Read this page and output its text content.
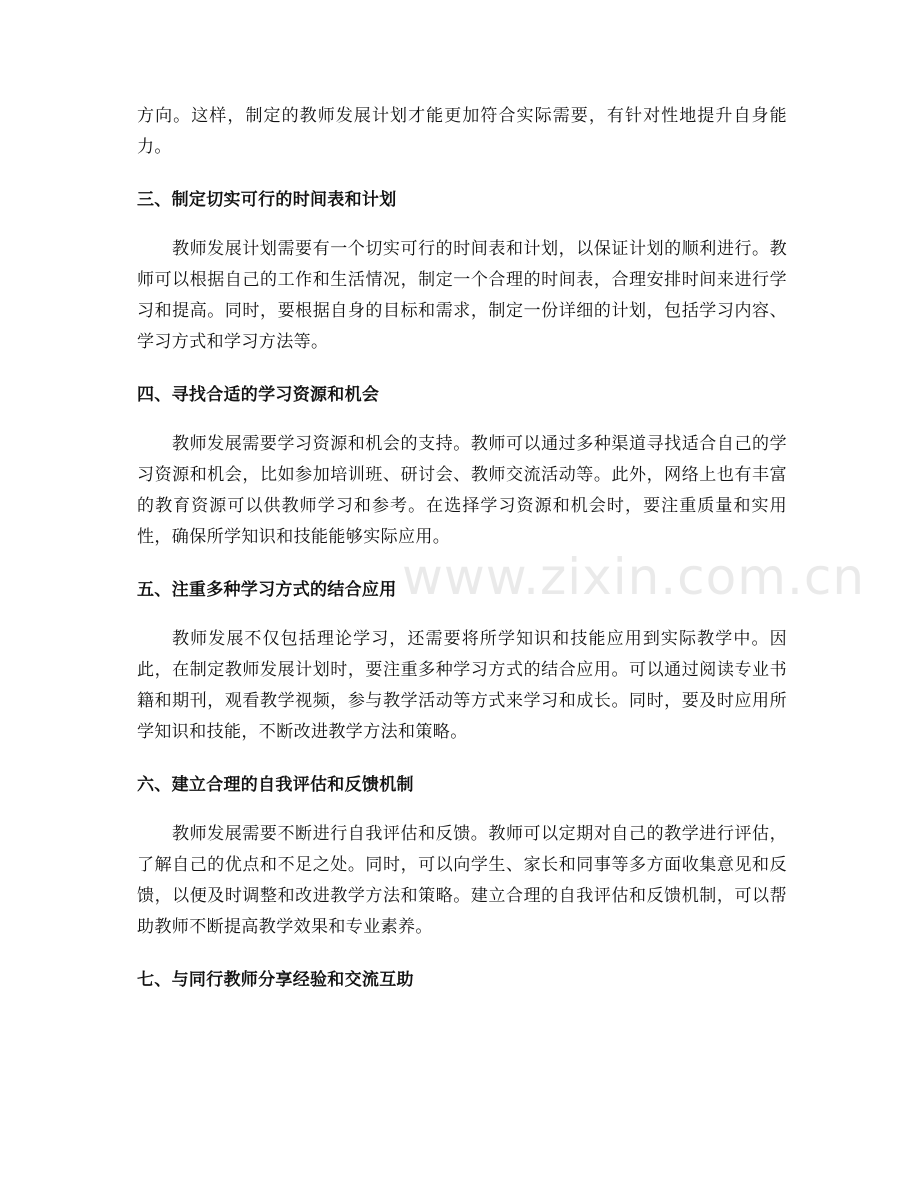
www.zixin.com.cn

方向。这样，制定的教师发展计划才能更加符合实际需要，有针对性地提升自身能力。

三、制定切实可行的时间表和计划

教师发展计划需要有一个切实可行的时间表和计划，以保证计划的顺利进行。教师可以根据自己的工作和生活情况，制定一个合理的时间表，合理安排时间来进行学习和提高。同时，要根据自身的目标和需求，制定一份详细的计划，包括学习内容、学习方式和学习方法等。

四、寻找合适的学习资源和机会

教师发展需要学习资源和机会的支持。教师可以通过多种渠道寻找适合自己的学习资源和机会，比如参加培训班、研讨会、教师交流活动等。此外，网络上也有丰富的教育资源可以供教师学习和参考。在选择学习资源和机会时，要注重质量和实用性，确保所学知识和技能能够实际应用。

五、注重多种学习方式的结合应用

教师发展不仅包括理论学习，还需要将所学知识和技能应用到实际教学中。因此，在制定教师发展计划时，要注重多种学习方式的结合应用。可以通过阅读专业书籍和期刊，观看教学视频，参与教学活动等方式来学习和成长。同时，要及时应用所学知识和技能，不断改进教学方法和策略。

六、建立合理的自我评估和反馈机制

教师发展需要不断进行自我评估和反馈。教师可以定期对自己的教学进行评估，了解自己的优点和不足之处。同时，可以向学生、家长和同事等多方面收集意见和反馈，以便及时调整和改进教学方法和策略。建立合理的自我评估和反馈机制，可以帮助教师不断提高教学效果和专业素养。

七、与同行教师分享经验和交流互助
